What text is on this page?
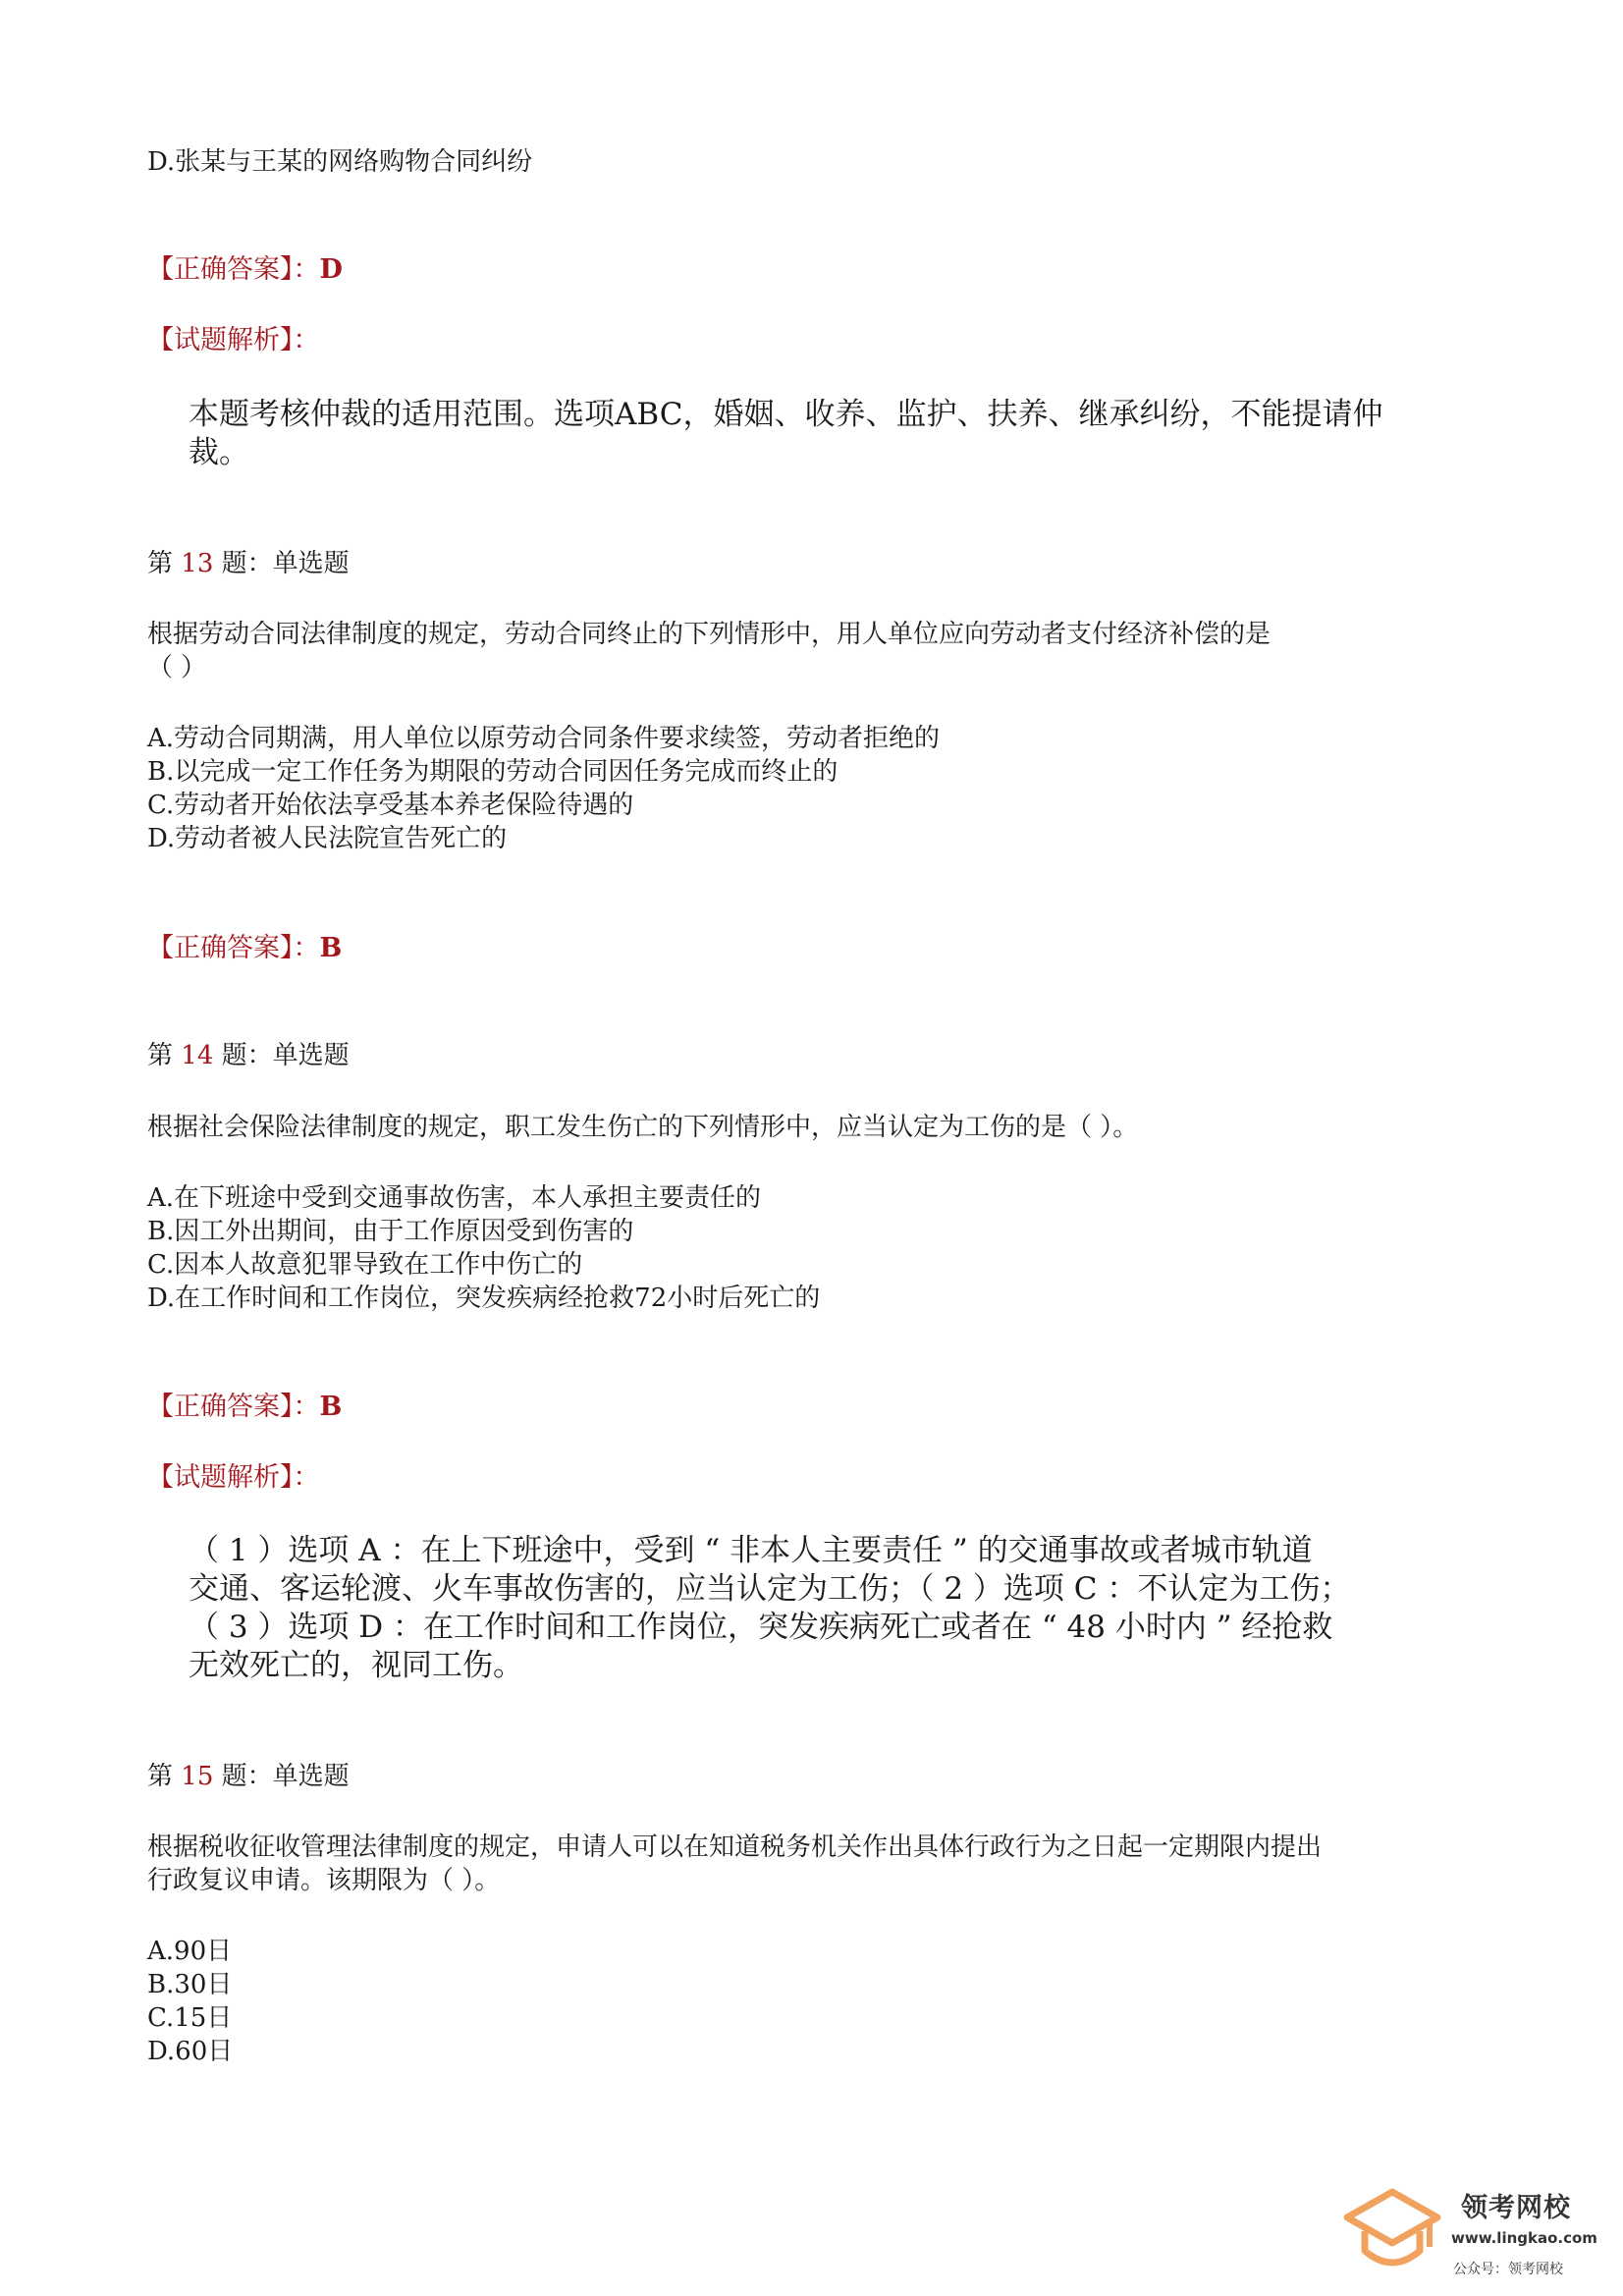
D.张某与王某的网络购物合同纠纷
【正确答案】：D
【试题解析】：
本题考核仲裁的适用范围。选项ABC，婚姻、收养、监护、扶养、继承纠纷，不能提请仲
裁。
第 13 题：单选题
根据劳动合同法律制度的规定，劳动合同终止的下列情形中，用人单位应向劳动者支付经济补偿的是
（ ）
A.劳动合同期满，用人单位以原劳动合同条件要求续签，劳动者拒绝的
B.以完成一定工作任务为期限的劳动合同因任务完成而终止的
C.劳动者开始依法享受基本养老保险待遇的
D.劳动者被人民法院宣告死亡的
【正确答案】：B
第 14 题：单选题
根据社会保险法律制度的规定，职工发生伤亡的下列情形中，应当认定为工伤的是（ ）。
A.在下班途中受到交通事故伤害，本人承担主要责任的
B.因工外出期间，由于工作原因受到伤害的
C.因本人故意犯罪导致在工作中伤亡的
D.在工作时间和工作岗位，突发疾病经抢救72小时后死亡的
【正确答案】：B
【试题解析】：
（ 1 ）选项 A ：在上下班途中，受到 “ 非本人主要责任 ” 的交通事故或者城市轨道
交通、客运轮渡、火车事故伤害的，应当认定为工伤；（ 2 ）选项 C ：不认定为工伤；
（ 3 ）选项 D ：在工作时间和工作岗位，突发疾病死亡或者在 “ 48 小时内 ” 经抢救
无效死亡的，视同工伤。
第 15 题：单选题
根据税收征收管理法律制度的规定，申请人可以在知道税务机关作出具体行政行为之日起一定期限内提出
行政复议申请。该期限为（ ）。
A.90日
B.30日
C.15日
D.60日
领考网校
www.lingkao.com
公众号：领考网校
